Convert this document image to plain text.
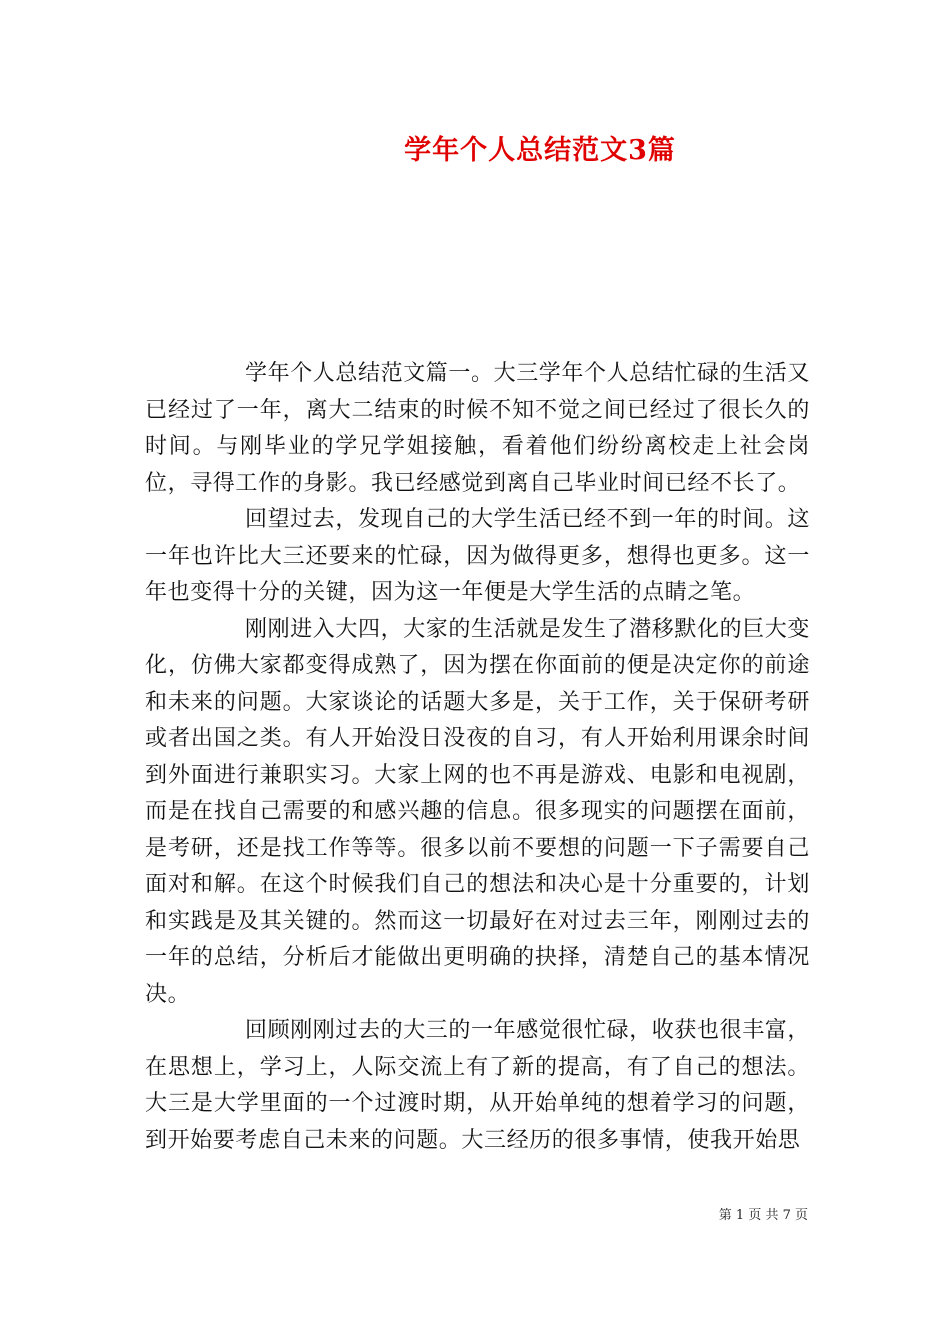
学年个人总结范文3篇

学年个人总结范文篇一。大三学年个人总结忙碌的生活又已经过了一年，离大二结束的时候不知不觉之间已经过了很长久的时间。与刚毕业的学兄学姐接触，看着他们纷纷离校走上社会岗位，寻得工作的身影。我已经感觉到离自己毕业时间已经不长了。

回望过去，发现自己的大学生活已经不到一年的时间。这一年也许比大三还要来的忙碌，因为做得更多，想得也更多。这一年也变得十分的关键，因为这一年便是大学生活的点睛之笔。

刚刚进入大四，大家的生活就是发生了潜移默化的巨大变化，仿佛大家都变得成熟了，因为摆在你面前的便是决定你的前途和未来的问题。大家谈论的话题大多是，关于工作，关于保研考研或者出国之类。有人开始没日没夜的自习，有人开始利用课余时间到外面进行兼职实习。大家上网的也不再是游戏、电影和电视剧，而是在找自己需要的和感兴趣的信息。很多现实的问题摆在面前，是考研，还是找工作等等。很多以前不要想的问题一下子需要自己面对和解。在这个时候我们自己的想法和决心是十分重要的，计划和实践是及其关键的。然而这一切最好在对过去三年，刚刚过去的一年的总结，分析后才能做出更明确的抉择，清楚自己的基本情况决。

回顾刚刚过去的大三的一年感觉很忙碌，收获也很丰富，在思想上，学习上，人际交流上有了新的提高，有了自己的想法。大三是大学里面的一个过渡时期，从开始单纯的想着学习的问题，到开始要考虑自己未来的问题。大三经历的很多事情，使我开始思

第 1 页 共 7 页
